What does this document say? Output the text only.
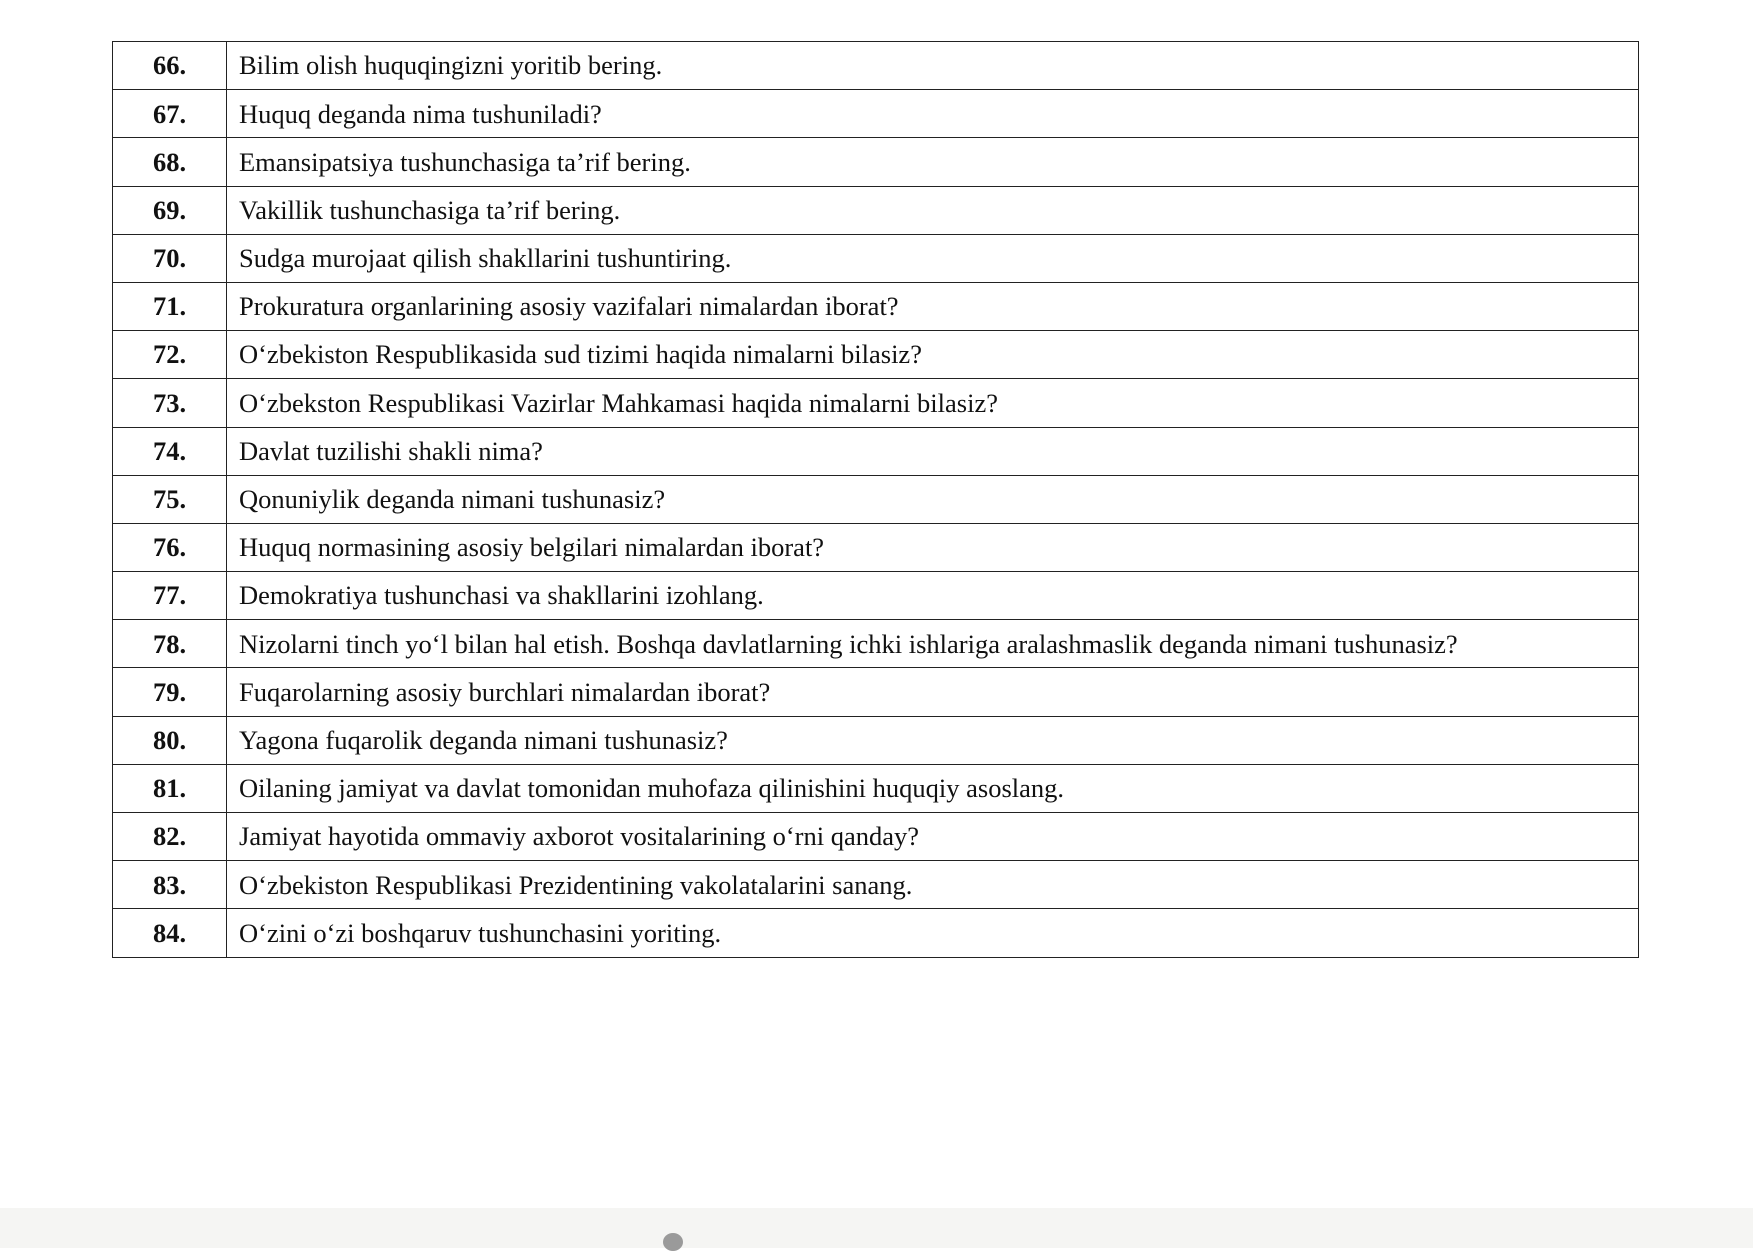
66.	Bilim olish huquqingizni yoritib bering.
67.	Huquq deganda nima tushuniladi?
68.	Emansipatsiya tushunchasiga ta’rif bering.
69.	Vakillik tushunchasiga ta’rif bering.
70.	Sudga murojaat qilish shakllarini tushuntiring.
71.	Prokuratura organlarining asosiy vazifalari nimalardan iborat?
72.	O‘zbekiston Respublikasida sud tizimi haqida nimalarni bilasiz?
73.	O‘zbekston Respublikasi Vazirlar Mahkamasi haqida nimalarni bilasiz?
74.	Davlat tuzilishi shakli nima?
75.	Qonuniylik deganda nimani tushunasiz?
76.	Huquq normasining asosiy belgilari nimalardan iborat?
77.	Demokratiya tushunchasi va shakllarini izohlang.
78.	Nizolarni tinch yo‘l bilan hal etish. Boshqa davlatlarning ichki ishlariga aralashmaslik deganda nimani tushunasiz?
79.	Fuqarolarning asosiy burchlari nimalardan iborat?
80.	Yagona fuqarolik deganda nimani tushunasiz?
81.	Oilaning jamiyat va davlat tomonidan muhofaza qilinishini huquqiy asoslang.
82.	Jamiyat hayotida ommaviy axborot vositalarining o‘rni qanday?
83.	O‘zbekiston Respublikasi Prezidentining vakolatalarini sanang.
84.	O‘zini o‘zi boshqaruv tushunchasini yoriting.
